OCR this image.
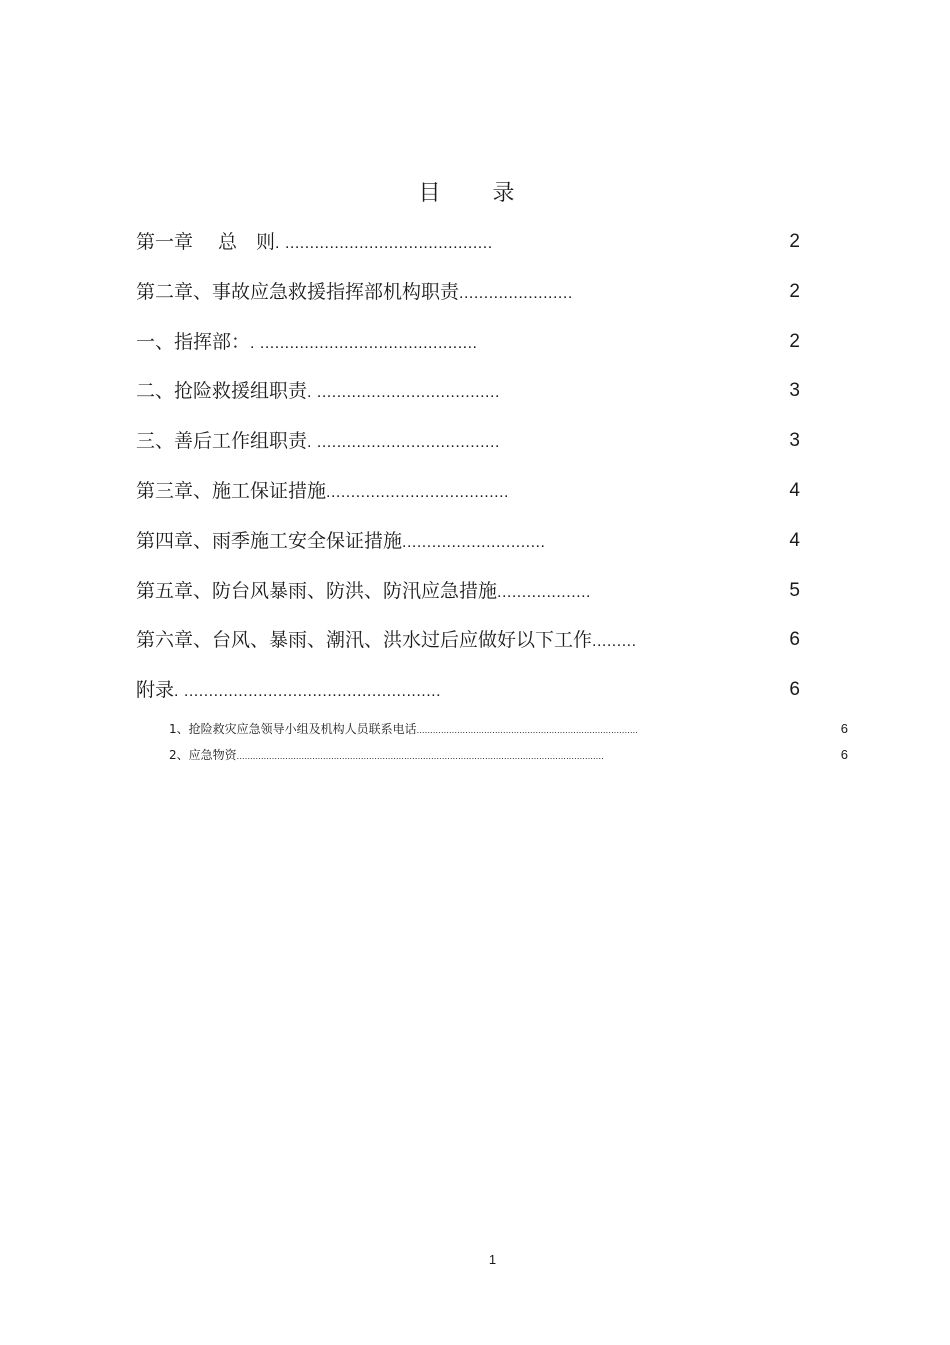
目录
第一章　 总　则. ..........................................	2
第二章、事故应急救援指挥部机构职责.......................	2
一、指挥部：. ............................................	2
二、抢险救援组职责. .....................................	3
三、善后工作组职责. .....................................	3
第三章、施工保证措施.....................................	4
第四章、雨季施工安全保证措施.............................	4
第五章、防台风暴雨、防洪、防汛应急措施...................	5
第六章、台风、暴雨、潮汛、洪水过后应做好以下工作.........	6
附录. ....................................................	6
1、抢险救灾应急领导小组及机构人员联系电话..................................................................................	6
2、应急物资........................................................................................................................................	6
1
